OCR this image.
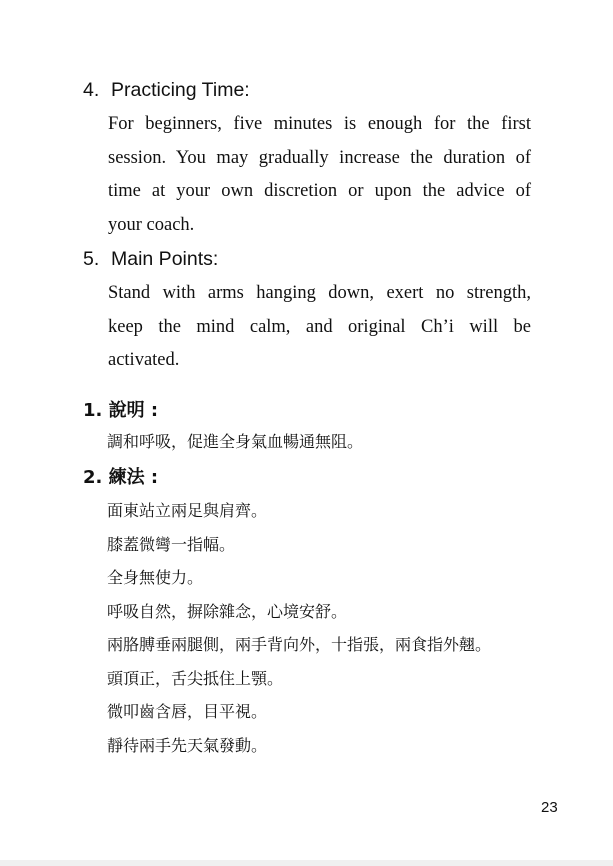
4. Practicing Time:
For beginners, five minutes is enough for the first
session. You may gradually increase the duration of
time at your own discretion or upon the advice of
your coach.
5. Main Points:
Stand with arms hanging down, exert no strength,
keep the mind calm, and original Ch’i will be
activated.
1. 說明 :
調和呼吸，促進全身氣血暢通無阻。
2. 練法 :
面東站立兩足與肩齊。
膝蓋微彎一指幅。
全身無使力。
呼吸自然，摒除雜念，心境安舒。
兩胳膊垂兩腿側，兩手背向外，十指張，兩食指外翹。
頭頂正，舌尖抵住上顎。
微叩齒含唇，目平視。
靜待兩手先天氣發動。
23
